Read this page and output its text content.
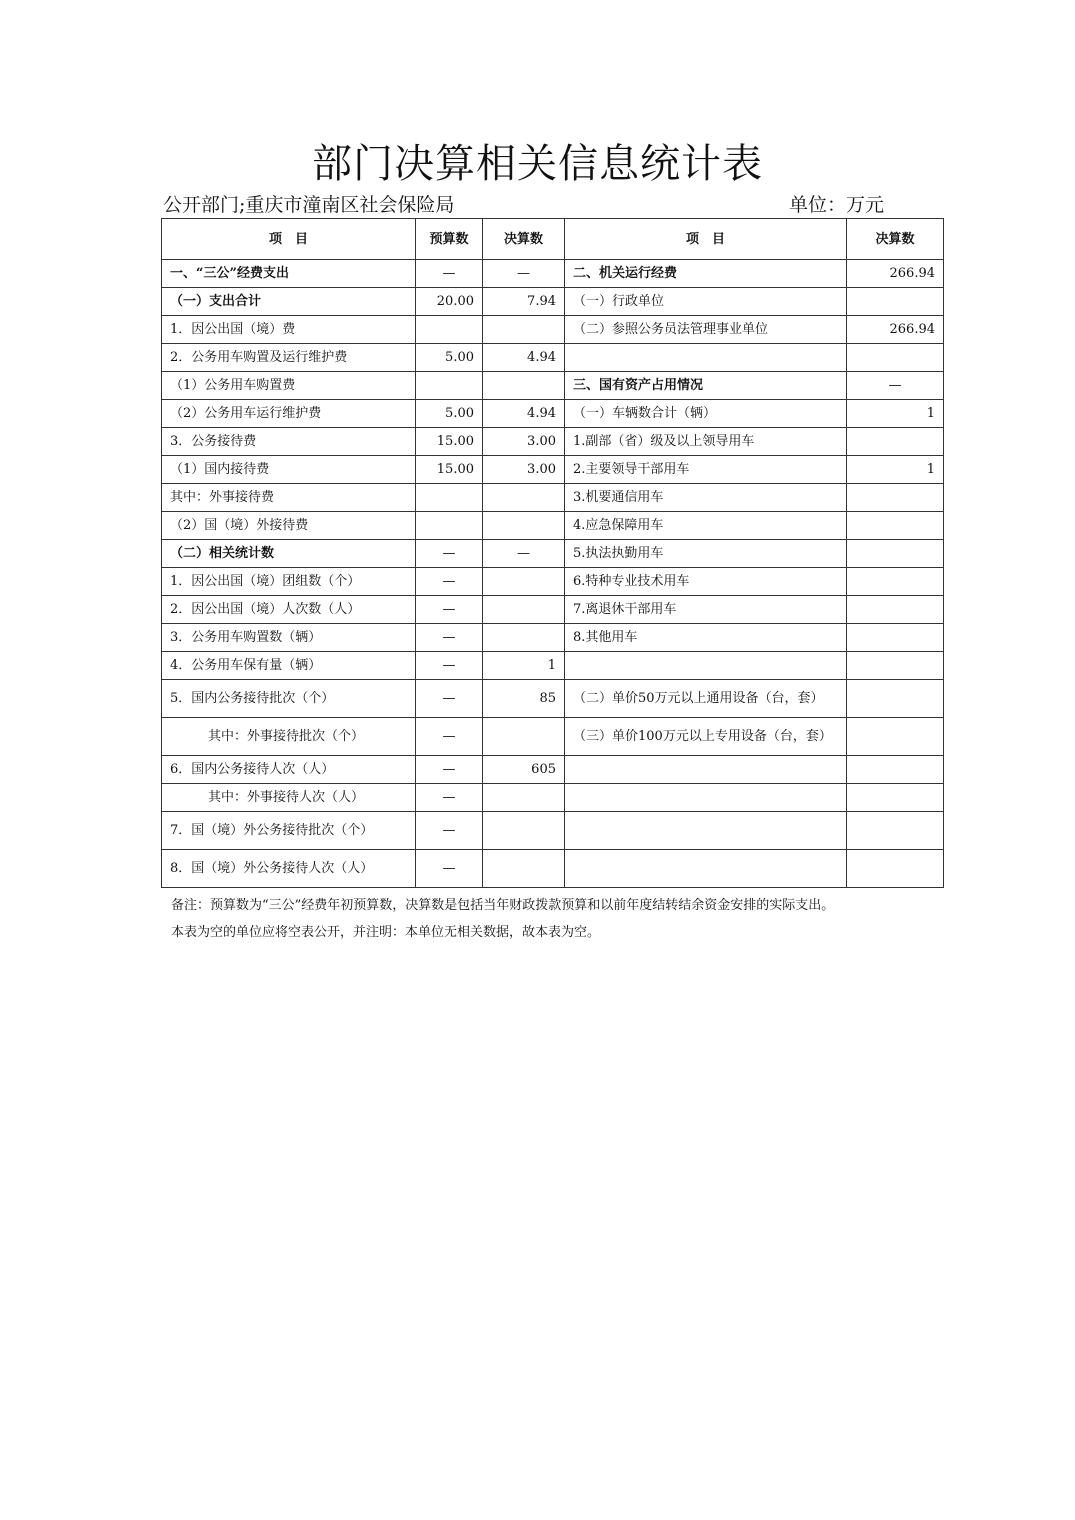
部门决算相关信息统计表
公开部门;重庆市潼南区社会保险局	单位：万元
项　目	预算数	决算数	项　目	决算数
一、“三公”经费支出	—	—	二、机关运行经费	266.94
（一）支出合计	20.00	7.94	（一）行政单位	
1．因公出国（境）费			（二）参照公务员法管理事业单位	266.94
2．公务用车购置及运行维护费	5.00	4.94		
（1）公务用车购置费			三、国有资产占用情况	—
（2）公务用车运行维护费	5.00	4.94	（一）车辆数合计（辆）	1
3．公务接待费	15.00	3.00	1.副部（省）级及以上领导用车	
（1）国内接待费	15.00	3.00	2.主要领导干部用车	1
其中：外事接待费			3.机要通信用车	
（2）国（境）外接待费			4.应急保障用车	
（二）相关统计数	—	—	5.执法执勤用车	
1．因公出国（境）团组数（个）	—		6.特种专业技术用车	
2．因公出国（境）人次数（人）	—		7.离退休干部用车	
3．公务用车购置数（辆）	—		8.其他用车	
4．公务用车保有量（辆）	—	1		
5．国内公务接待批次（个）	—	85	（二）单价50万元以上通用设备（台，套）	
其中：外事接待批次（个）	—		（三）单价100万元以上专用设备（台，套）	
6．国内公务接待人次（人）	—	605		
其中：外事接待人次（人）	—			
7．国（境）外公务接待批次（个）	—			
8．国（境）外公务接待人次（人）	—			
备注：预算数为“三公”经费年初预算数，决算数是包括当年财政拨款预算和以前年度结转结余资金安排的实际支出。
本表为空的单位应将空表公开，并注明：本单位无相关数据，故本表为空。
